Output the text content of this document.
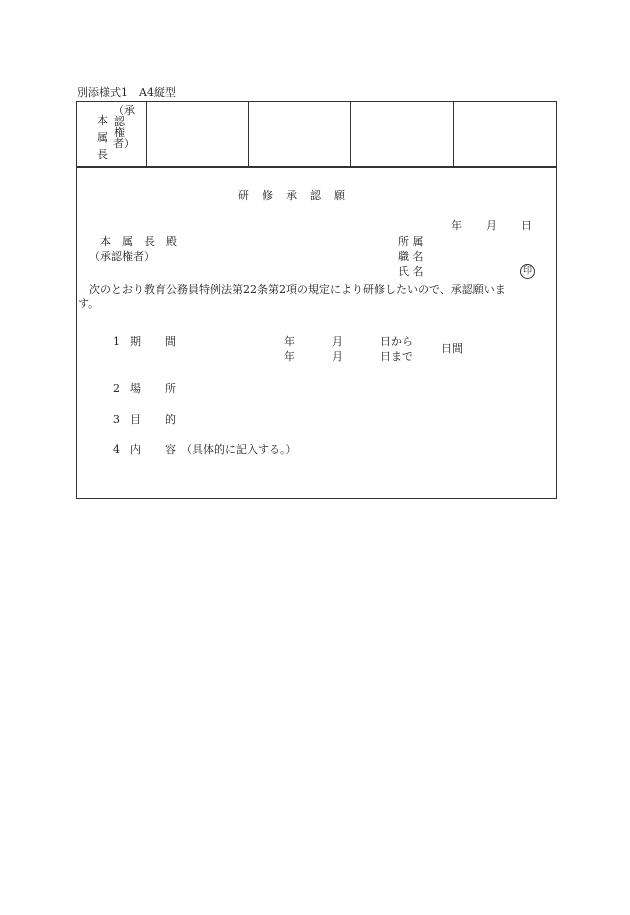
別添様式1　A4縦型
本属長
（承認権者）
研　修　承　認　願
年 月 日
本　属　長　殿
（承認権者）
所 属
職 名
氏 名	印
次のとおり教育公務員特例法第22条第2項の規定により研修したいので、承認願いま
す。
1 期 間	年	月	日から
年	月	日まで
日間
2 場 所
3 目 的
4 内 容 （具体的に記入する。）
